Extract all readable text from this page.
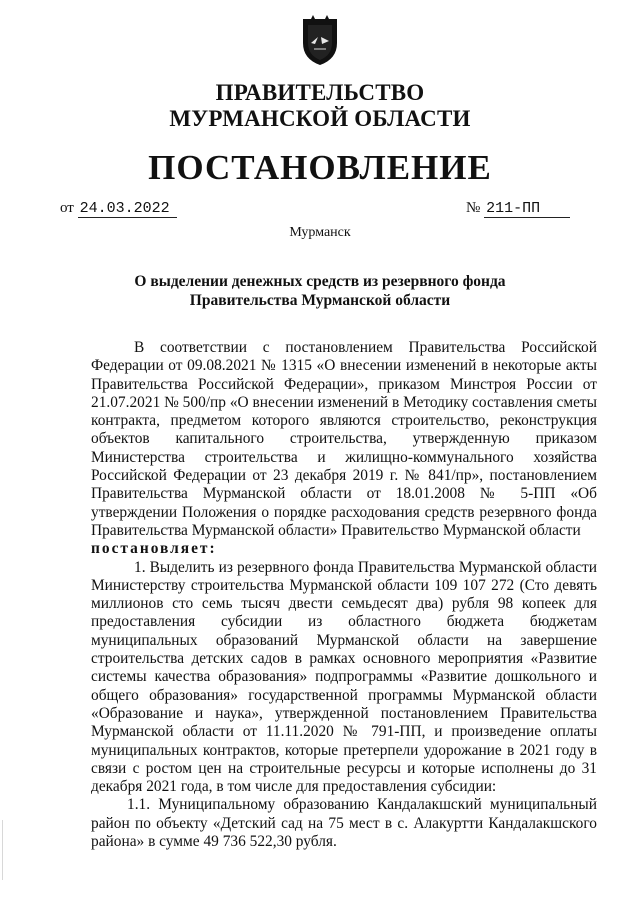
ПРАВИТЕЛЬСТВО
МУРМАНСКОЙ ОБЛАСТИ
ПОСТАНОВЛЕНИЕ
от 24.03.2022	№ 211-ПП
Мурманск
О выделении денежных средств из резервного фонда
Правительства Мурманской области

В соответствии с постановлением Правительства Российской Федерации от 09.08.2021 № 1315 «О внесении изменений в некоторые акты Правительства Российской Федерации», приказом Минстроя России от 21.07.2021 № 500/пр «О внесении изменений в Методику составления сметы контракта, предметом которого являются строительство, реконструкция объектов капитального строительства, утвержденную приказом Министерства строительства и жилищно-коммунального хозяйства Российской Федерации от 23 декабря 2019 г. № 841/пр», постановлением Правительства Мурманской области от 18.01.2008 № 5-ПП «Об утверждении Положения о порядке расходования средств резервного фонда Правительства Мурманской области» Правительство Мурманской области

постановляет:

1. Выделить из резервного фонда Правительства Мурманской области Министерству строительства Мурманской области 109 107 272 (Сто девять миллионов сто семь тысяч двести семьдесят два) рубля 98 копеек для предоставления субсидии из областного бюджета бюджетам муниципальных образований Мурманской области на завершение строительства детских садов в рамках основного мероприятия «Развитие системы качества образования» подпрограммы «Развитие дошкольного и общего образования» государственной программы Мурманской области «Образование и наука», утвержденной постановлением Правительства Мурманской области от 11.11.2020 № 791-ПП, и произведение оплаты муниципальных контрактов, которые претерпели удорожание в 2021 году в связи с ростом цен на строительные ресурсы и которые исполнены до 31 декабря 2021 года, в том числе для предоставления субсидии:

1.1. Муниципальному образованию Кандалакшский муниципальный район по объекту «Детский сад на 75 мест в с. Алакуртти Кандалакшского района» в сумме 49 736 522,30 рубля.
